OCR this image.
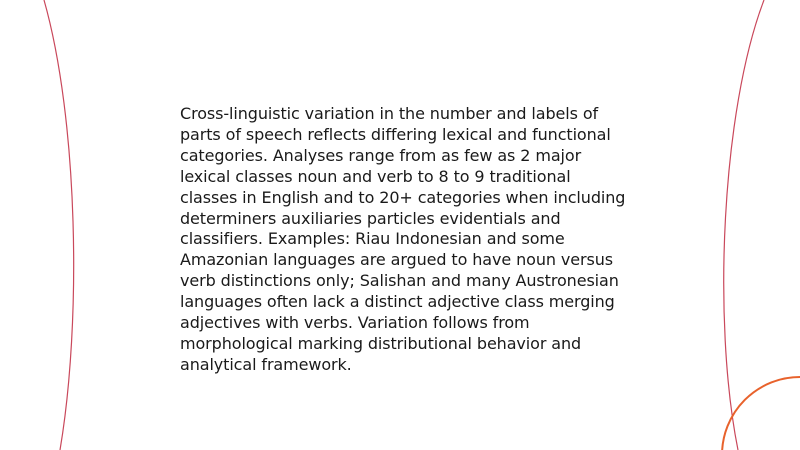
Cross-linguistic variation in the number and labels of parts of speech reflects differing lexical and functional categories. Analyses range from as few as 2 major lexical classes noun and verb to 8 to 9 traditional classes in English and to 20+ categories when including determiners auxiliaries particles evidentials and classifiers. Examples: Riau Indonesian and some Amazonian languages are argued to have noun versus verb distinctions only; Salishan and many Austronesian languages often lack a distinct adjective class merging adjectives with verbs. Variation follows from morphological marking distributional behavior and analytical framework.
